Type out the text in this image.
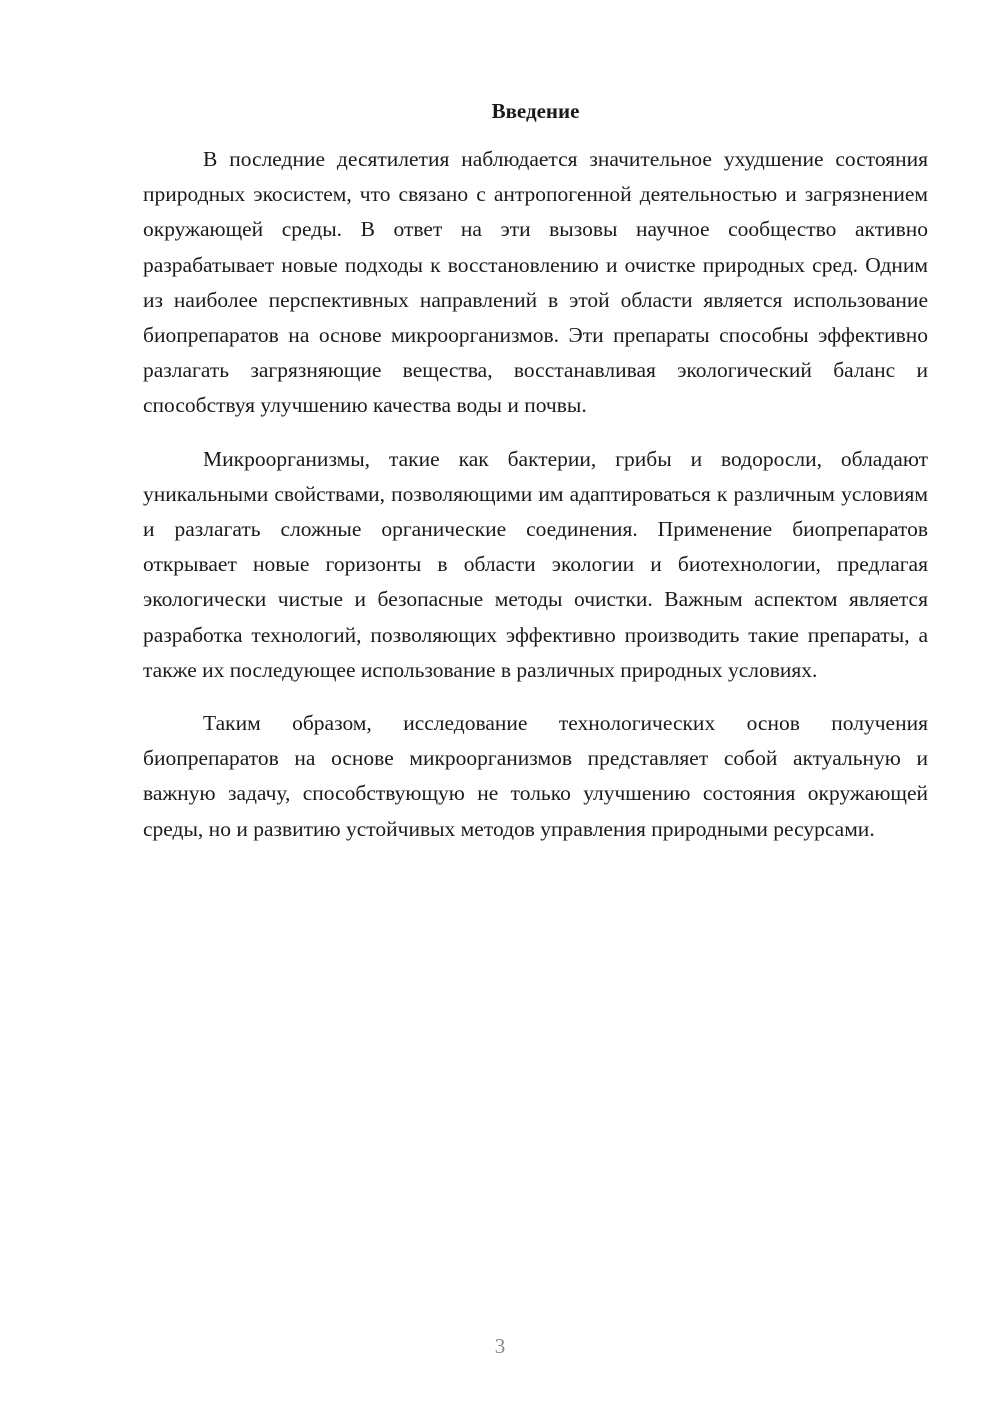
Введение

В последние десятилетия наблюдается значительное ухудшение состояния природных экосистем, что связано с антропогенной деятельностью и загрязнением окружающей среды. В ответ на эти вызовы научное сообщество активно разрабатывает новые подходы к восстановлению и очистке природных сред. Одним из наиболее перспективных направлений в этой области является использование биопрепаратов на основе микроорганизмов. Эти препараты способны эффективно разлагать загрязняющие вещества, восстанавливая экологический баланс и способствуя улучшению качества воды и почвы.

Микроорганизмы, такие как бактерии, грибы и водоросли, обладают уникальными свойствами, позволяющими им адаптироваться к различным условиям и разлагать сложные органические соединения. Применение биопрепаратов открывает новые горизонты в области экологии и биотехнологии, предлагая экологически чистые и безопасные методы очистки. Важным аспектом является разработка технологий, позволяющих эффективно производить такие препараты, а также их последующее использование в различных природных условиях.

Таким образом, исследование технологических основ получения биопрепаратов на основе микроорганизмов представляет собой актуальную и важную задачу, способствующую не только улучшению состояния окружающей среды, но и развитию устойчивых методов управления природными ресурсами.

3
